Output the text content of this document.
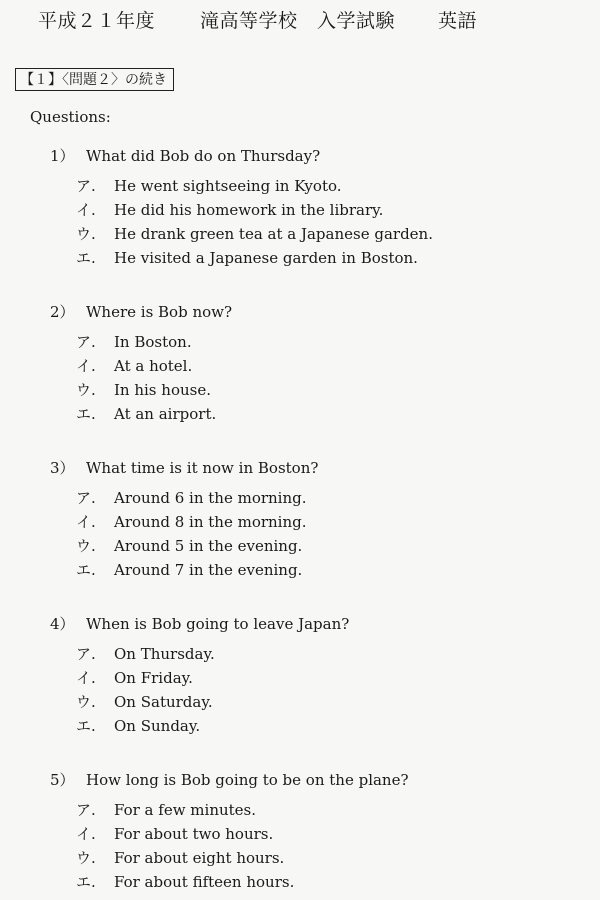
平成２１年度 滝高等学校　入学試験 英語
【１】〈問題２〉の続き
Questions:
1） What did Bob do on Thursday?
ア. He went sightseeing in Kyoto.
イ. He did his homework in the library.
ウ. He drank green tea at a Japanese garden.
エ. He visited a Japanese garden in Boston.
2） Where is Bob now?
ア. In Boston.
イ. At a hotel.
ウ. In his house.
エ. At an airport.
3） What time is it now in Boston?
ア. Around 6 in the morning.
イ. Around 8 in the morning.
ウ. Around 5 in the evening.
エ. Around 7 in the evening.
4） When is Bob going to leave Japan?
ア. On Thursday.
イ. On Friday.
ウ. On Saturday.
エ. On Sunday.
5） How long is Bob going to be on the plane?
ア. For a few minutes.
イ. For about two hours.
ウ. For about eight hours.
エ. For about fifteen hours.
